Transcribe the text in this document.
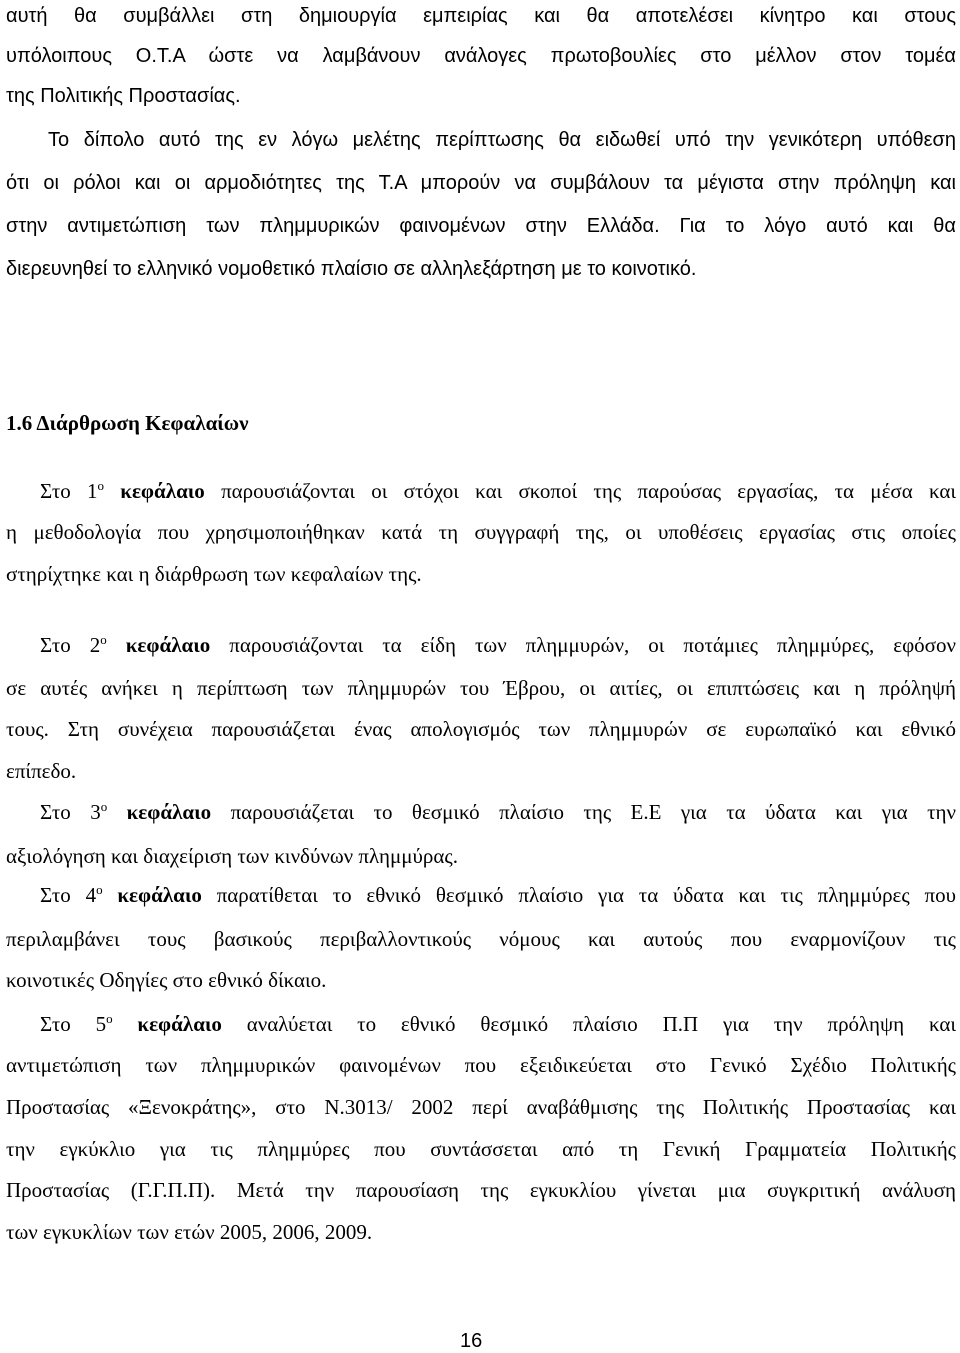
αυτή θα συμβάλλει στη δημιουργία εμπειρίας και θα αποτελέσει κίνητρο και στους
υπόλοιπους Ο.Τ.Α ώστε να λαμβάνουν ανάλογες πρωτοβουλίες στο μέλλον στον τομέα
της Πολιτικής Προστασίας.
Το δίπολο αυτό της εν λόγω μελέτης περίπτωσης θα ειδωθεί υπό την γενικότερη υπόθεση
ότι οι ρόλοι και οι αρμοδιότητες της Τ.Α μπορούν να συμβάλουν τα μέγιστα στην πρόληψη και
στην αντιμετώπιση των πλημμυρικών φαινομένων στην Ελλάδα. Για το λόγο αυτό και θα
διερευνηθεί το ελληνικό νομοθετικό πλαίσιο σε αλληλεξάρτηση με το κοινοτικό.
1.6 Διάρθρωση Κεφαλαίων
Στο $1^o$ κεφάλαιο παρουσιάζονται οι στόχοι και σκοποί της παρούσας εργασίας, τα μέσα και
η μεθοδολογία που χρησιμοποιήθηκαν κατά τη συγγραφή της, οι υποθέσεις εργασίας στις οποίες
στηρίχτηκε και η διάρθρωση των κεφαλαίων της.
Στο $2^o$ κεφάλαιο παρουσιάζονται τα είδη των πλημμυρών, οι ποτάμιες πλημμύρες, εφόσον
σε αυτές ανήκει η περίπτωση των πλημμυρών του Έβρου, οι αιτίες, οι επιπτώσεις και η πρόληψή
τους. Στη συνέχεια παρουσιάζεται ένας απολογισμός των πλημμυρών σε ευρωπαϊκό και εθνικό
επίπεδο.
Στο $3^o$ κεφάλαιο παρουσιάζεται το θεσμικό πλαίσιο της Ε.Ε για τα ύδατα και για την
αξιολόγηση και διαχείριση των κινδύνων πλημμύρας.
Στο $4^o$ κεφάλαιο παρατίθεται το εθνικό θεσμικό πλαίσιο για τα ύδατα και τις πλημμύρες που
περιλαμβάνει τους βασικούς περιβαλλοντικούς νόμους και αυτούς που εναρμονίζουν τις
κοινοτικές Οδηγίες στο εθνικό δίκαιο.
Στο $5^o$ κεφάλαιο αναλύεται το εθνικό θεσμικό πλαίσιο Π.Π για την πρόληψη και
αντιμετώπιση των πλημμυρικών φαινομένων που εξειδικεύεται στο Γενικό Σχέδιο Πολιτικής
Προστασίας «Ξενοκράτης», στο Ν.3013/ 2002 περί αναβάθμισης της Πολιτικής Προστασίας και
την εγκύκλιο για τις πλημμύρες που συντάσσεται από τη Γενική Γραμματεία Πολιτικής
Προστασίας (Γ.Γ.Π.Π). Μετά την παρουσίαση της εγκυκλίου γίνεται μια συγκριτική ανάλυση
των εγκυκλίων των ετών 2005, 2006, 2009.
16
